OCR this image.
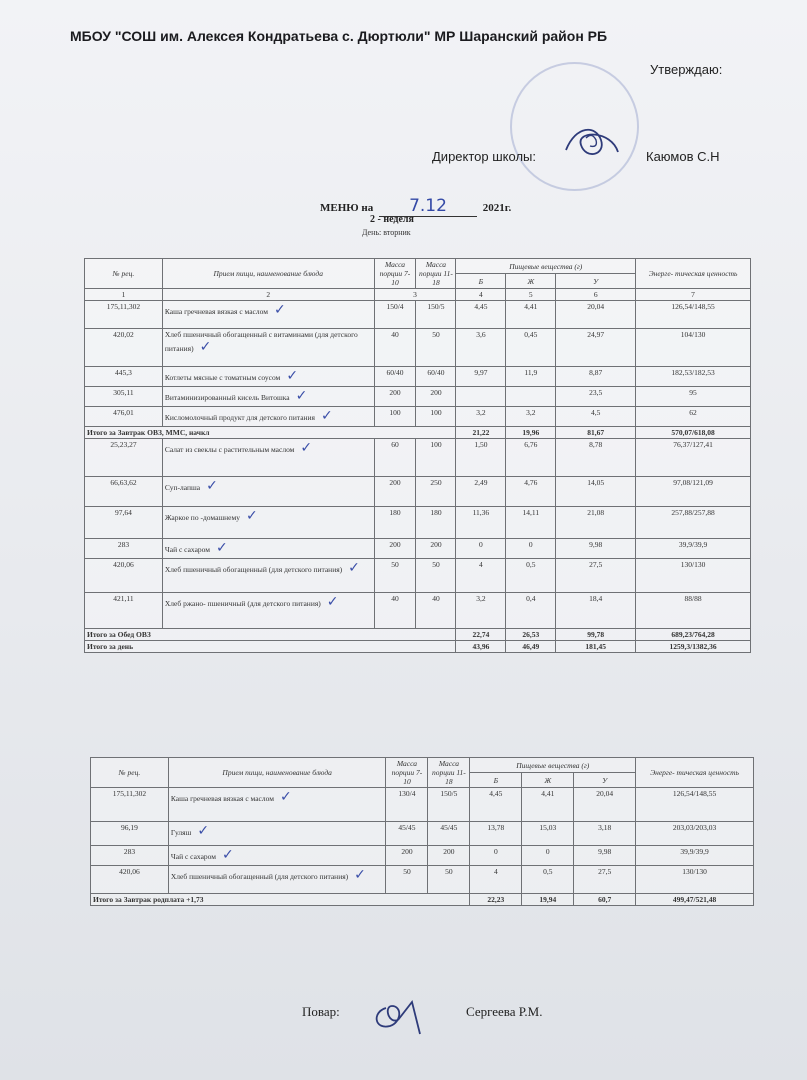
МБОУ "СОШ им. Алексея Кондратьева с. Дюртюли" МР Шаранский район РБ
Утверждаю:
Директор школы:	Каюмов С.Н
МЕНЮ на 7.12	2021г.
2 - неделя
День: вторник
№ рец.	Прием пищи, наименование блюда	Масса порции 7-10	Масса порции 11-18	Пищевые вещества (г)			Энерге- тическая ценность
				Б	Ж	У	
1	2	3		4	5	6	7
175,11,302	Каша гречневая вязкая с маслом ✓	150/4	150/5	4,45	4,41	20,04	126,54/148,55
420,02	Хлеб пшеничный обогащенный с витаминами (для детского питания) ✓	40	50	3,6	0,45	24,97	104/130
445,3	Котлеты мясные с томатным соусом ✓	60/40	60/40	9,97	11,9	8,87	182,53/182,53
305,11	Витаминизированный кисель Витошка ✓	200	200			23,5	95
476,01	Кисломолочный продукт для детского питания ✓	100	100	3,2	3,2	4,5	62
Итого за Завтрак ОВЗ, ММС, начкл				21,22	19,96	81,67	570,07/618,08
25,23,27	Салат из свеклы с растительным маслом ✓	60	100	1,50	6,76	8,78	76,37/127,41
66,63,62	Суп-лапша ✓	200	250	2,49	4,76	14,05	97,08/121,09
97,64	Жаркое по -домашнему ✓	180	180	11,36	14,11	21,08	257,88/257,88
283	Чай с сахаром ✓	200	200	0	0	9,98	39,9/39,9
420,06	Хлеб пшеничный обогащенный (для детского питания) ✓	50	50	4	0,5	27,5	130/130
421,11	Хлеб ржано- пшеничный (для детского питания) ✓	40	40	3,2	0,4	18,4	88/88
Итого за Обед ОВЗ				22,74	26,53	99,78	689,23/764,28
Итого за день				43,96	46,49	181,45	1259,3/1382,36
№ рец.	Прием пищи, наименование блюда	Масса порции 7-10	Масса порции 11-18	Пищевые вещества (г)			Энерге- тическая ценность
				Б	Ж	У	
175,11,302	Каша гречневая вязкая с маслом ✓	130/4	150/5	4,45	4,41	20,04	126,54/148,55
96,19	Гуляш ✓	45/45	45/45	13,78	15,03	3,18	203,03/203,03
283	Чай с сахаром ✓	200	200	0	0	9,98	39,9/39,9
420,06	Хлеб пшеничный обогащенный (для детского питания) ✓	50	50	4	0,5	27,5	130/130
Итого за Завтрак родплата +1,73				22,23	19,94	60,7	499,47/521,48
Повар:	Сергеева Р.М.
